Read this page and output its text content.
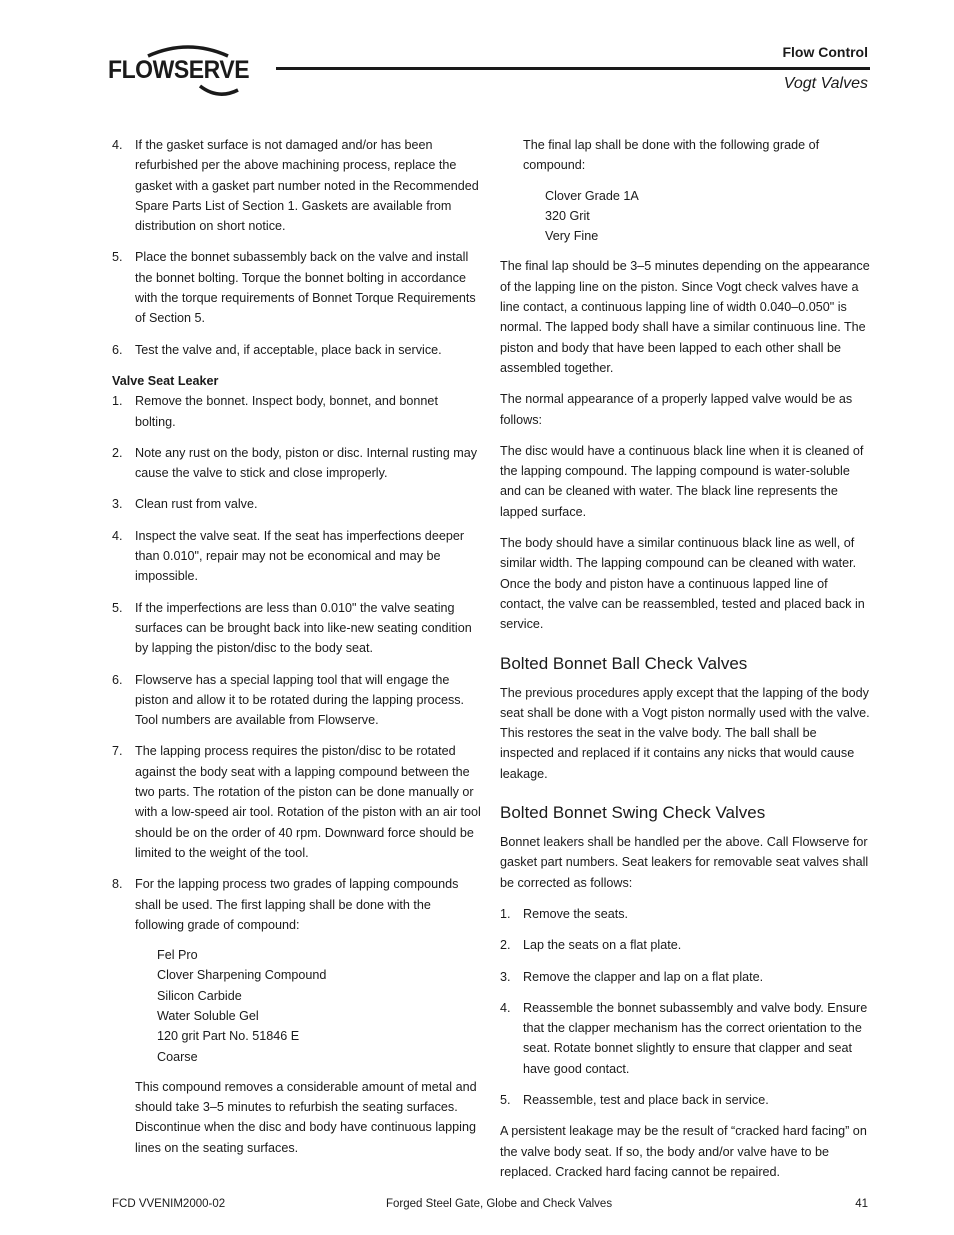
FLOWSERVE
Flow Control
Vogt Valves
4. If the gasket surface is not damaged and/or has been refurbished per the above machining process, replace the gasket with a gasket part number noted in the Recommended Spare Parts List of Section 1. Gaskets are available from distribution on short notice.
5. Place the bonnet subassembly back on the valve and install the bonnet bolting. Torque the bonnet bolting in accordance with the torque requirements of Bonnet Torque Requirements of Section 5.
6. Test the valve and, if acceptable, place back in service.

Valve Seat Leaker

1. Remove the bonnet. Inspect body, bonnet, and bonnet bolting.
2. Note any rust on the body, piston or disc. Internal rusting may cause the valve to stick and close improperly.
3. Clean rust from valve.
4. Inspect the valve seat. If the seat has imperfections deeper than 0.010", repair may not be economical and may be impossible.
5. If the imperfections are less than 0.010" the valve seating surfaces can be brought back into like-new seating condition by lapping the piston/disc to the body seat.
6. Flowserve has a special lapping tool that will engage the piston and allow it to be rotated during the lapping process. Tool numbers are available from Flowserve.
7. The lapping process requires the piston/disc to be rotated against the body seat with a lapping compound between the two parts. The rotation of the piston can be done manually or with a low-speed air tool. Rotation of the piston with an air tool should be on the order of 40 rpm. Downward force should be limited to the weight of the tool.
8. For the lapping process two grades of lapping compounds shall be used. The first lapping shall be done with the following grade of compound:
Fel Pro
Clover Sharpening Compound
Silicon Carbide
Water Soluble Gel
120 grit Part No. 51846 E
Coarse
This compound removes a considerable amount of metal and should take 3–5 minutes to refurbish the seating surfaces. Discontinue when the disc and body have continuous lapping lines on the seating surfaces.

The final lap shall be done with the following grade of compound:

Clover Grade 1A
320 Grit
Very Fine

The final lap should be 3–5 minutes depending on the appearance of the lapping line on the piston. Since Vogt check valves have a line contact, a continuous lapping line of width 0.040–0.050" is normal. The lapped body shall have a similar continuous line. The piston and body that have been lapped to each other shall be assembled together.

The normal appearance of a properly lapped valve would be as follows:

The disc would have a continuous black line when it is cleaned of the lapping compound. The lapping compound is water-soluble and can be cleaned with water. The black line represents the lapped surface.

The body should have a similar continuous black line as well, of similar width. The lapping compound can be cleaned with water. Once the body and piston have a continuous lapped line of contact, the valve can be reassembled, tested and placed back in service.

Bolted Bonnet Ball Check Valves

The previous procedures apply except that the lapping of the body seat shall be done with a Vogt piston normally used with the valve. This restores the seat in the valve body. The ball shall be inspected and replaced if it contains any nicks that would cause leakage.

Bolted Bonnet Swing Check Valves

Bonnet leakers shall be handled per the above. Call Flowserve for gasket part numbers. Seat leakers for removable seat valves shall be corrected as follows:

1. Remove the seats.
2. Lap the seats on a flat plate.
3. Remove the clapper and lap on a flat plate.
4. Reassemble the bonnet subassembly and valve body. Ensure that the clapper mechanism has the correct orientation to the seat. Rotate bonnet slightly to ensure that clapper and seat have good contact.
5. Reassemble, test and place back in service.

A persistent leakage may be the result of “cracked hard facing” on the valve body seat. If so, the body and/or valve have to be replaced. Cracked hard facing cannot be repaired.

FCD VVENIM2000-02	Forged Steel Gate, Globe and Check Valves	41
